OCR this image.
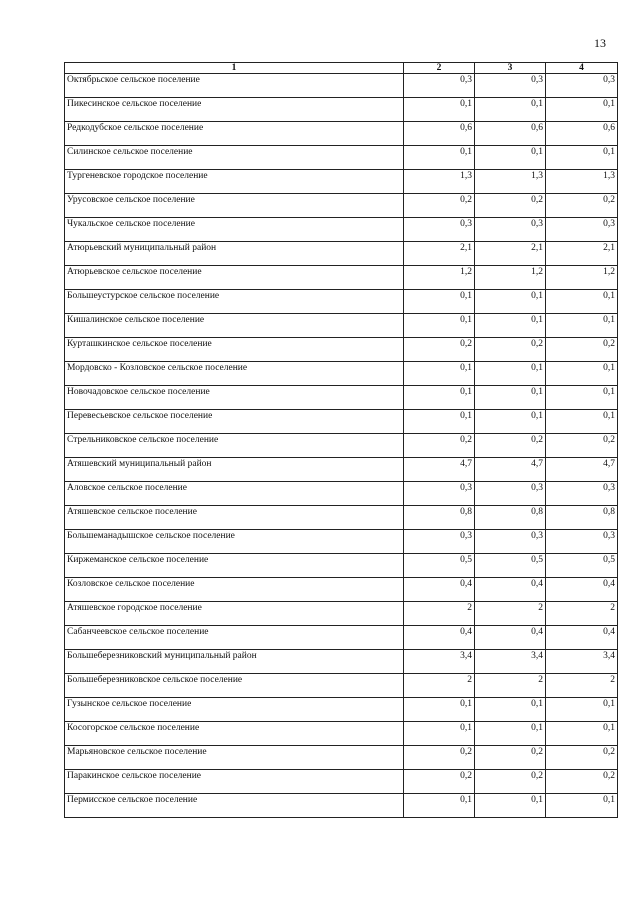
13
1	2	3	4
Октябрьское сельское поселение	0,3	0,3	0,3
Пикесинское сельское поселение	0,1	0,1	0,1
Редкодубское сельское поселение	0,6	0,6	0,6
Силинское сельское поселение	0,1	0,1	0,1
Тургеневское городское поселение	1,3	1,3	1,3
Урусовское сельское поселение	0,2	0,2	0,2
Чукальское сельское поселение	0,3	0,3	0,3
Атюрьевский муниципальный район	2,1	2,1	2,1
Атюрьевское сельское поселение	1,2	1,2	1,2
Большеустурское сельское поселение	0,1	0,1	0,1
Кишалинское сельское поселение	0,1	0,1	0,1
Курташкинское сельское поселение	0,2	0,2	0,2
Мордовско - Козловское сельское поселение	0,1	0,1	0,1
Новочадовское сельское поселение	0,1	0,1	0,1
Перевесьевское сельское поселение	0,1	0,1	0,1
Стрельниковское сельское поселение	0,2	0,2	0,2
Атяшевский муниципальный район	4,7	4,7	4,7
Аловское сельское поселение	0,3	0,3	0,3
Атяшевское сельское поселение	0,8	0,8	0,8
Большеманадышское сельское поселение	0,3	0,3	0,3
Киржеманское сельское поселение	0,5	0,5	0,5
Козловское сельское поселение	0,4	0,4	0,4
Атяшевское городское поселение	2	2	2
Сабанчеевское сельское поселение	0,4	0,4	0,4
Большеберезниковский муниципальный район	3,4	3,4	3,4
Большеберезниковское сельское поселение	2	2	2
Гузынское сельское поселение	0,1	0,1	0,1
Косогорское сельское поселение	0,1	0,1	0,1
Марьяновское сельское поселение	0,2	0,2	0,2
Паракинское сельское поселение	0,2	0,2	0,2
Пермисское сельское поселение	0,1	0,1	0,1
